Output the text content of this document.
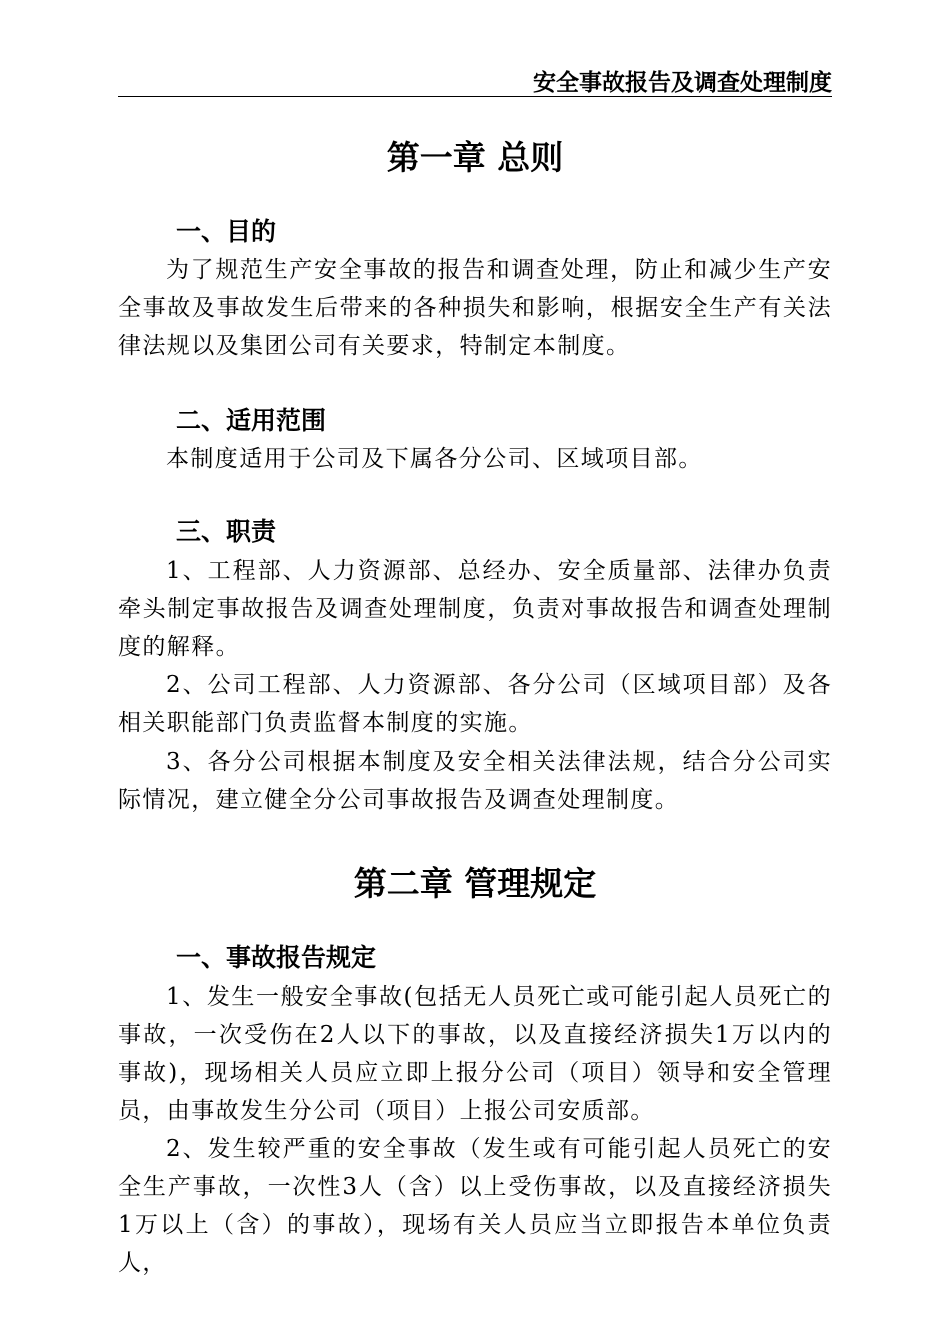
安全事故报告及调查处理制度
第一章 总则
一、目的

为了规范生产安全事故的报告和调查处理，防止和减少生产安全事故及事故发生后带来的各种损失和影响，根据安全生产有关法律法规以及集团公司有关要求，特制定本制度。

二、适用范围

本制度适用于公司及下属各分公司、区域项目部。

三、职责

1、工程部、人力资源部、总经办、安全质量部、法律办负责牵头制定事故报告及调查处理制度，负责对事故报告和调查处理制度的解释。

2、公司工程部、人力资源部、各分公司（区域项目部）及各相关职能部门负责监督本制度的实施。

3、各分公司根据本制度及安全相关法律法规，结合分公司实际情况，建立健全分公司事故报告及调查处理制度。

第二章 管理规定
一、事故报告规定

1、发生一般安全事故(包括无人员死亡或可能引起人员死亡的事故，一次受伤在2人以下的事故，以及直接经济损失1万以内的事故)，现场相关人员应立即上报分公司（项目）领导和安全管理员，由事故发生分公司（项目）上报公司安质部。

2、发生较严重的安全事故（发生或有可能引起人员死亡的安全生产事故，一次性3人（含）以上受伤事故，以及直接经济损失1万以上（含）的事故），现场有关人员应当立即报告本单位负责人，
